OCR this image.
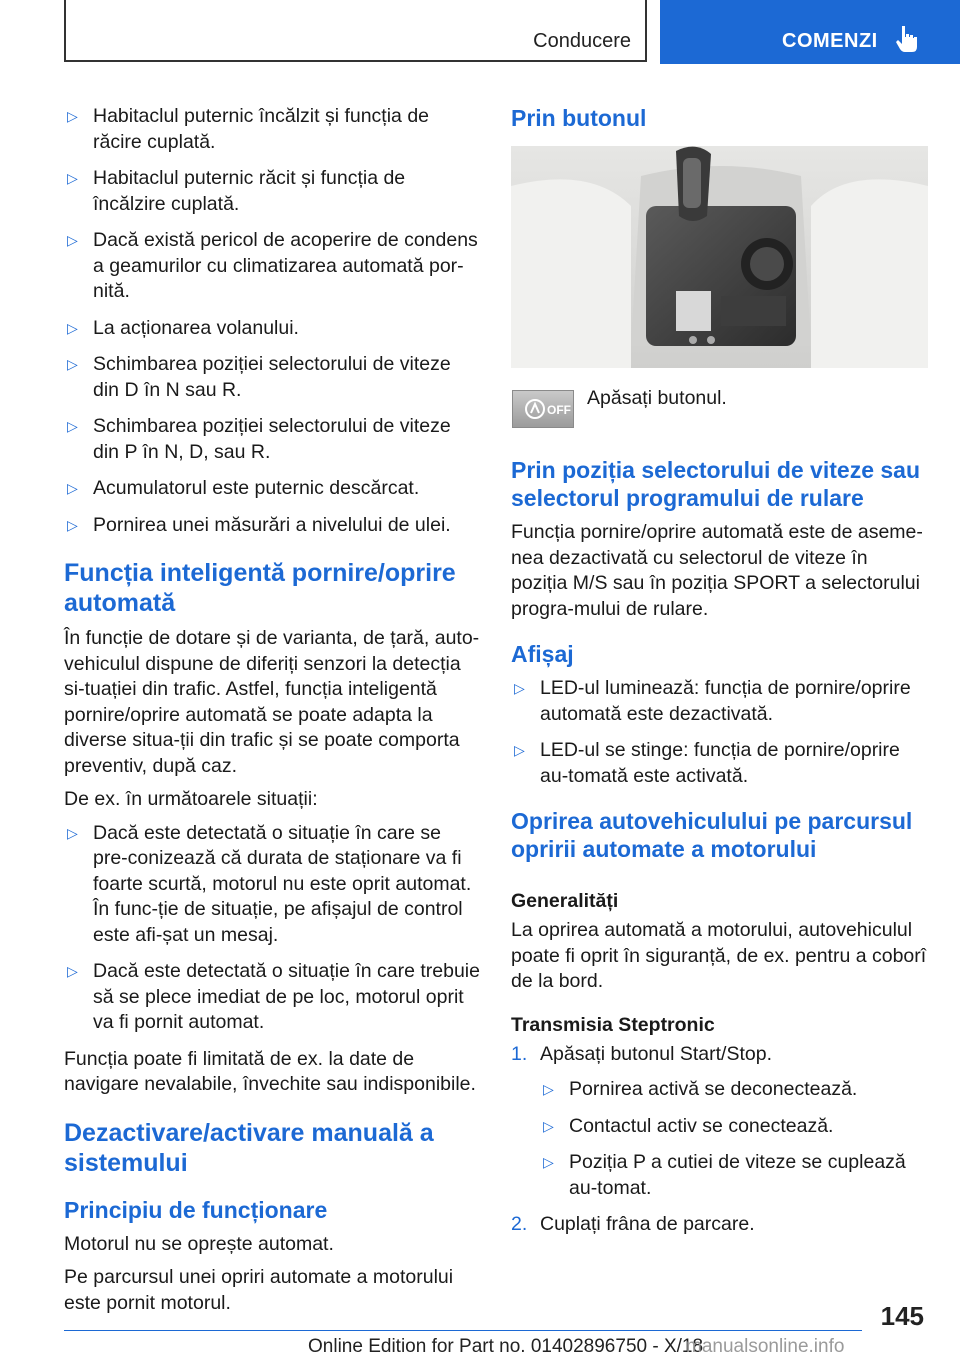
Conducere	COMENZI
▷ Habitaclul puternic încălzit și funcția de răcire cuplată.
▷ Habitaclul puternic răcit și funcția de încălzire cuplată.
▷ Dacă există pericol de acoperire de condens a geamurilor cu climatizarea automată por-nită.
▷ La acționarea volanului.
▷ Schimbarea poziției selectorului de viteze din D în N sau R.
▷ Schimbarea poziției selectorului de viteze din P în N, D, sau R.
▷ Acumulatorul este puternic descărcat.
▷ Pornirea unei măsurări a nivelului de ulei.
Funcția inteligentă pornire/oprire automată

În funcție de dotare și de varianta, de țară, auto-vehiculul dispune de diferiți senzori la detecția si-tuației din trafic. Astfel, funcția inteligentă pornire/oprire automată se poate adapta la diverse situa-ții din trafic și se poate comporta preventiv, după caz.

De ex. în următoarele situații:

▷ Dacă este detectată o situație în care se pre-conizează că durata de staționare va fi foarte scurtă, motorul nu este oprit automat. În func-ție de situație, pe afișajul de control este afi-șat un mesaj.
▷ Dacă este detectată o situație în care trebuie să se plece imediat de pe loc, motorul oprit va fi pornit automat.

Funcția poate fi limitată de ex. la date de navigare nevalabile, învechite sau indisponibile.

Dezactivare/activare manuală a sistemului
Principiu de funcționare

Motorul nu se oprește automat.

Pe parcursul unei opriri automate a motorului este pornit motorul.

Prin butonul
OFF
Apăsați butonul.
Prin poziția selectorului de viteze sau selectorul programului de rulare

Funcția pornire/oprire automată este de aseme-nea dezactivată cu selectorul de viteze în poziția M/S sau în poziția SPORT a selectorului progra-mului de rulare.

Afișaj
▷ LED-ul luminează: funcția de pornire/oprire automată este dezactivată.
▷ LED-ul se stinge: funcția de pornire/oprire au-tomată este activată.
Oprirea autovehiculului pe parcursul opririi automate a motorului
Generalități

La oprirea automată a motorului, autovehiculul poate fi oprit în siguranță, de ex. pentru a coborî de la bord.

Transmisia Steptronic
1. Apăsați butonul Start/Stop.
▷ Pornirea activă se deconectează.
▷ Contactul activ se conectează.
▷ Poziția P a cutiei de viteze se cuplează au-tomat.
2. Cuplați frâna de parcare.
145
Online Edition for Part no. 01402896750 - X/18
manualsonline.info
